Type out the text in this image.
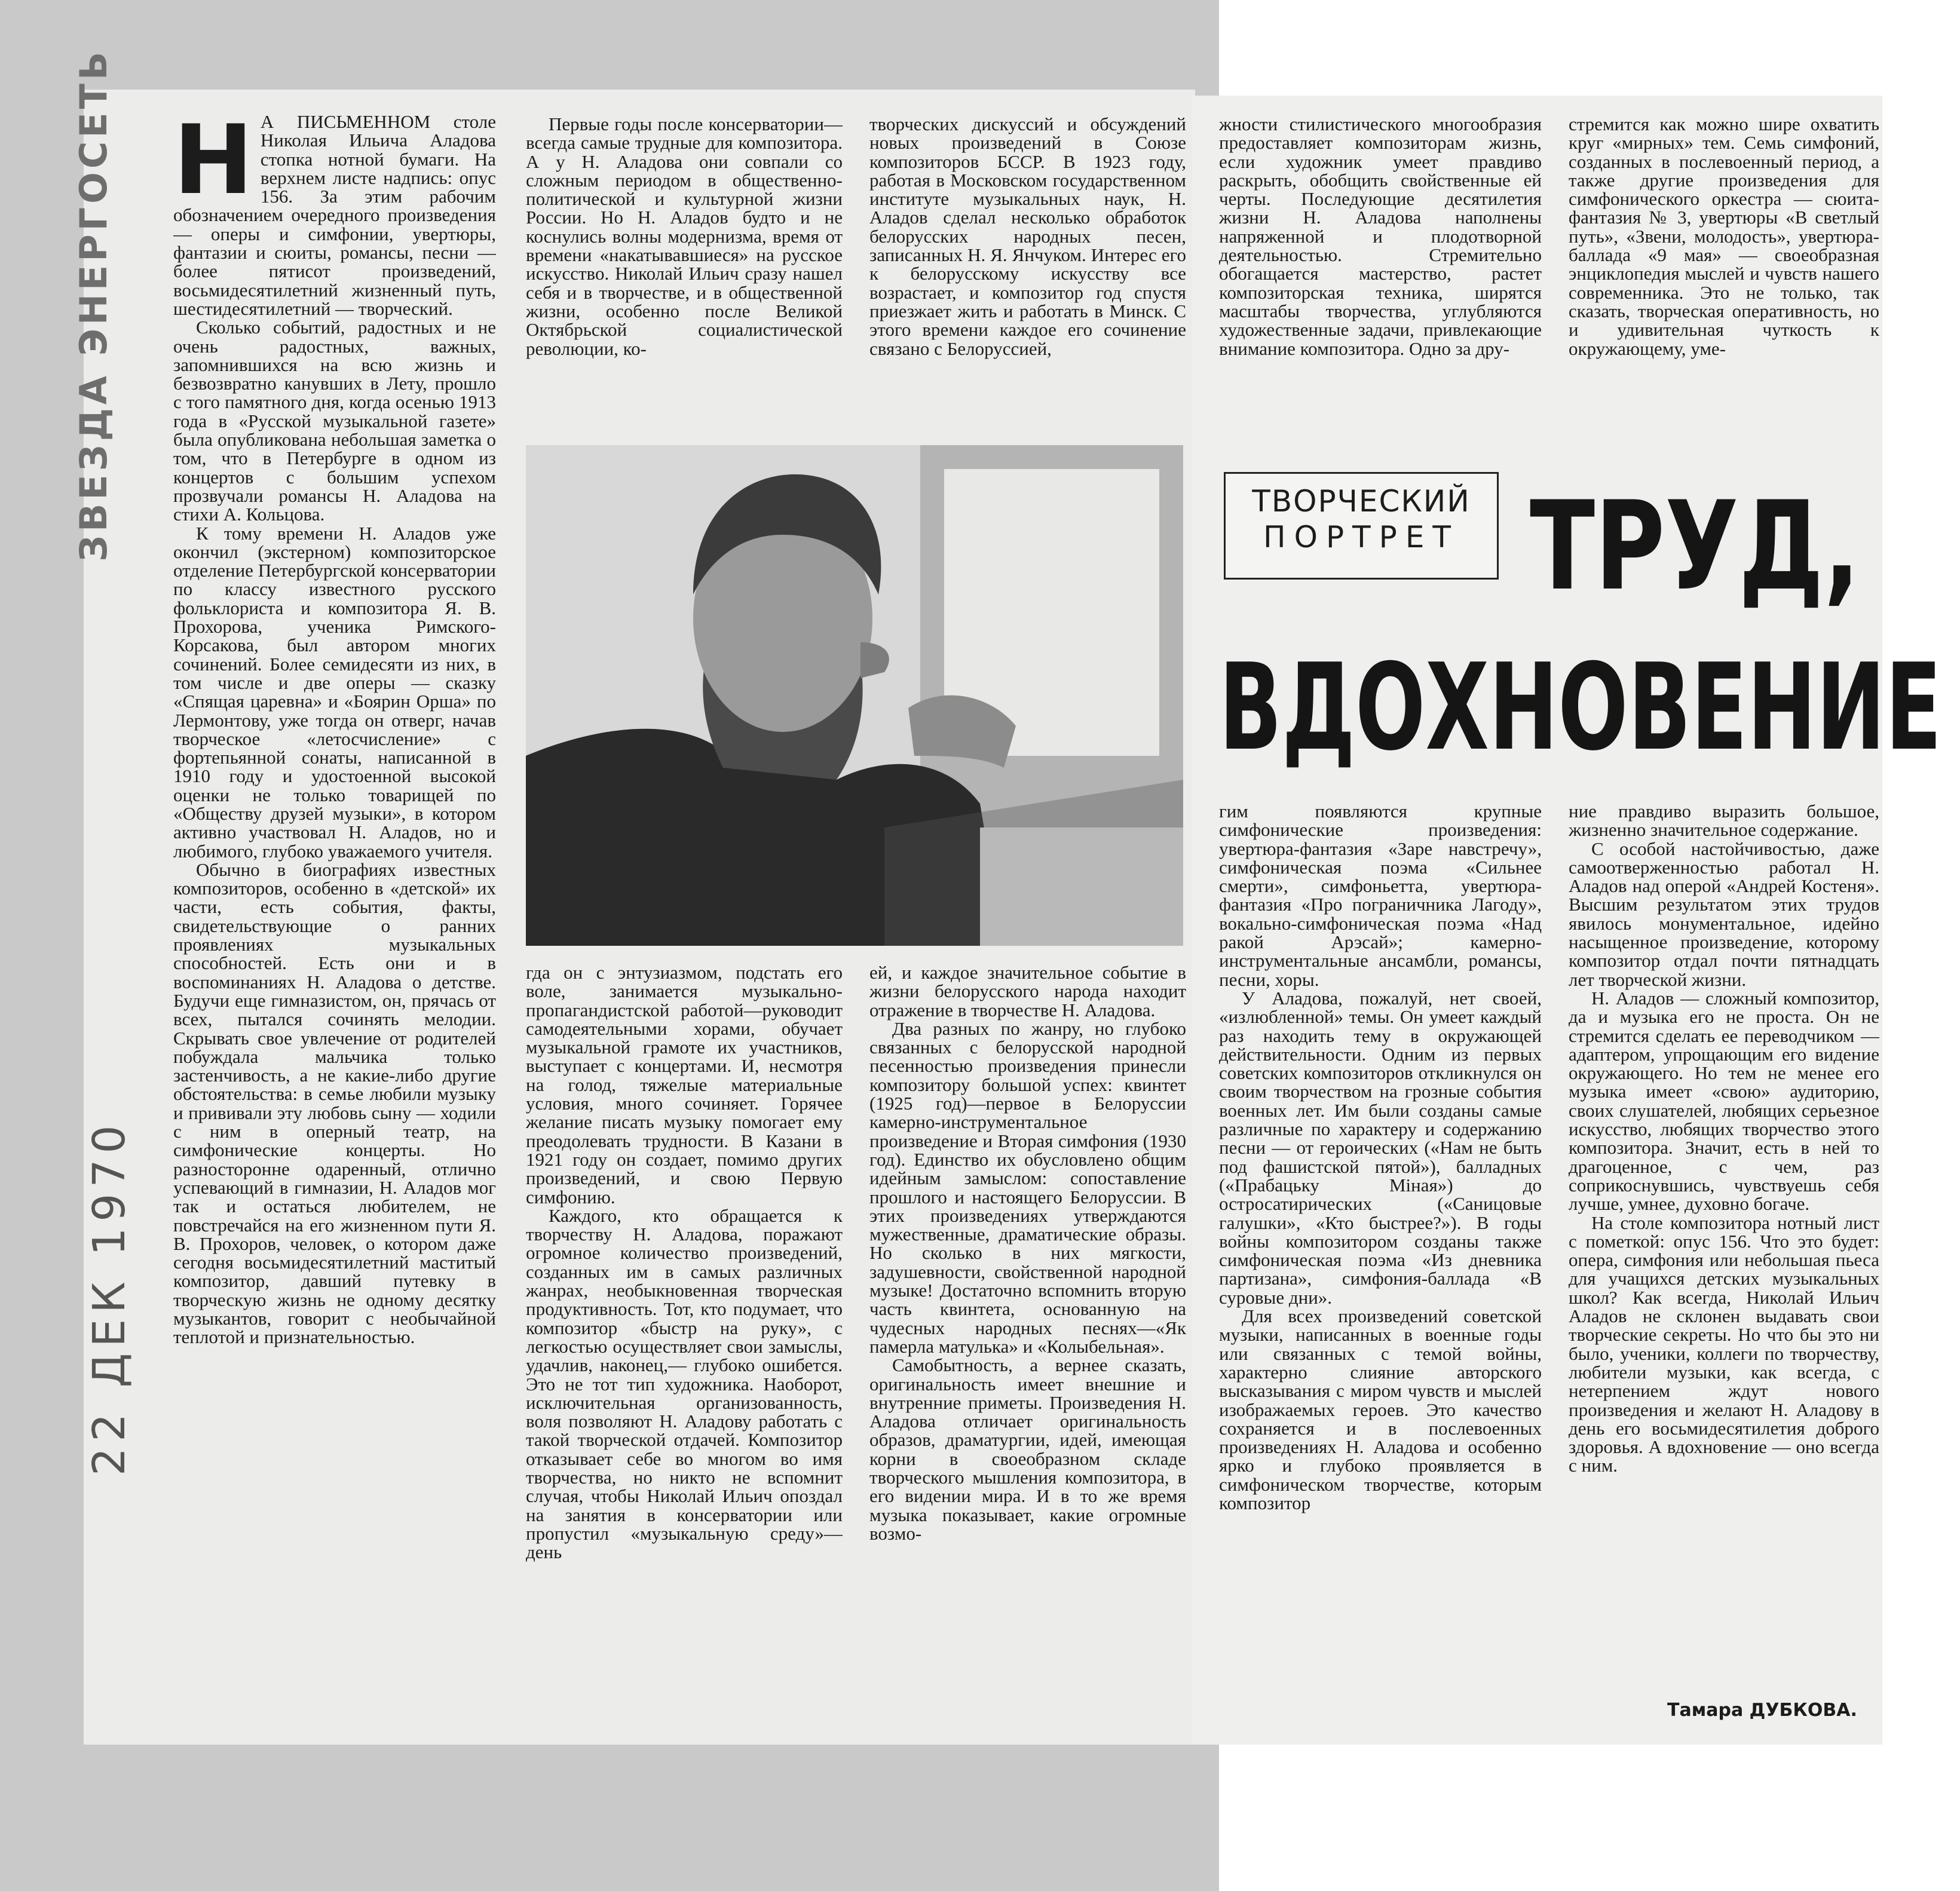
ЗВЕЗДА ЭНЕРГОСЕТЬ
22 ДЕК 1970
Н А ПИСЬМЕННОМ столе Николая Ильича Аладова стопка нотной бумаги. На верхнем листе надпись: опус 156. За этим рабочим обозначением очередного произведения — оперы и симфонии, увертюры, фантазии и сюиты, романсы, песни — более пятисот произведений, восьмидесятилетний жизненный путь, шестидесятилетний — творческий.

Сколько событий, радостных и не очень радостных, важных, запомнившихся на всю жизнь и безвозвратно канувших в Лету, прошло с того памятного дня, когда осенью 1913 года в «Русской музыкальной газете» была опубликована небольшая заметка о том, что в Петербурге в одном из концертов с большим успехом прозвучали романсы Н. Аладова на стихи А. Кольцова.

К тому времени Н. Аладов уже окончил (экстерном) композиторское отделение Петербургской консерватории по классу известного русского фольклориста и композитора Я. В. Прохорова, ученика Римского-Корсакова, был автором многих сочинений. Более семидесяти из них, в том числе и две оперы — сказку «Спящая царевна» и «Боярин Орша» по Лермонтову, уже тогда он отверг, начав творческое «летосчисление» с фортепьянной сонаты, написанной в 1910 году и удостоенной высокой оценки не только товарищей по «Обществу друзей музыки», в котором активно участвовал Н. Аладов, но и любимого, глубоко уважаемого учителя.

Обычно в биографиях известных композиторов, особенно в «детской» их части, есть события, факты, свидетельствующие о ранних проявлениях музыкальных способностей. Есть они и в воспоминаниях Н. Аладова о детстве. Будучи еще гимназистом, он, прячась от всех, пытался сочинять мелодии. Скрывать свое увлечение от родителей побуждала мальчика только застенчивость, а не какие-либо другие обстоятельства: в семье любили музыку и прививали эту любовь сыну — ходили с ним в оперный театр, на симфонические концерты. Но разносторонне одаренный, отлично успевающий в гимназии, Н. Аладов мог так и остаться любителем, не повстречайся на его жизненном пути Я. В. Прохоров, человек, о котором даже сегодня восьмидесятилетний маститый композитор, давший путевку в творческую жизнь не одному десятку музыкантов, говорит с необычайной теплотой и признательностью.

Первые годы после консерватории—всегда самые трудные для композитора. А у Н. Аладова они совпали со сложным периодом в общественно-политической и культурной жизни России. Но Н. Аладов будто и не коснулись волны модернизма, время от времени «накатывавшиеся» на русское искусство. Николай Ильич сразу нашел себя и в творчестве, и в общественной жизни, особенно после Великой Октябрьской социалистической революции, ко-

творческих дискуссий и обсуждений новых произведений в Союзе композиторов БССР. В 1923 году, работая в Московском государственном институте музыкальных наук, Н. Аладов сделал несколько обработок белорусских народных песен, записанных Н. Я. Янчуком. Интерес его к белорусскому искусству все возрастает, и композитор год спустя приезжает жить и работать в Минск. С этого времени каждое его сочинение связано с Белоруссией,

жности стилистического многообразия предоставляет композиторам жизнь, если художник умеет правдиво раскрыть, обобщить свойственные ей черты. Последующие десятилетия жизни Н. Аладова наполнены напряженной и плодотворной деятельностью. Стремительно обогащается мастерство, растет композиторская техника, ширятся масштабы творчества, углубляются художественные задачи, привлекающие внимание композитора. Одно за дру-

стремится как можно шире охватить круг «мирных» тем. Семь симфоний, созданных в послевоенный период, а также другие произведения для симфонического оркестра — сюита-фантазия № 3, увертюры «В светлый путь», «Звени, молодость», увертюра-баллада «9 мая» — своеобразная энциклопедия мыслей и чувств нашего современника. Это не только, так сказать, творческая оперативность, но и удивительная чуткость к окружающему, уме-

ТВОРЧЕСКИЙ
ПОРТРЕТ ТРУД,
ВДОХНОВЕНИЕ

гда он с энтузиазмом, подстать его воле, занимается музыкально-пропагандистской работой—руководит самодеятельными хорами, обучает музыкальной грамоте их участников, выступает с концертами. И, несмотря на голод, тяжелые материальные условия, много сочиняет. Горячее желание писать музыку помогает ему преодолевать трудности. В Казани в 1921 году он создает, помимо других произведений, и свою Первую симфонию.

Каждого, кто обращается к творчеству Н. Аладова, поражают огромное количество произведений, созданных им в самых различных жанрах, необыкновенная творческая продуктивность. Тот, кто подумает, что композитор «быстр на руку», с легкостью осуществляет свои замыслы, удачлив, наконец,— глубоко ошибется. Это не тот тип художника. Наоборот, исключительная организованность, воля позволяют Н. Аладову работать с такой творческой отдачей. Композитор отказывает себе во многом во имя творчества, но никто не вспомнит случая, чтобы Николай Ильич опоздал на занятия в консерватории или пропустил «музыкальную среду»— день

ей, и каждое значительное событие в жизни белорусского народа находит отражение в творчестве Н. Аладова.

Два разных по жанру, но глубоко связанных с белорусской народной песенностью произведения принесли композитору большой успех: квинтет (1925 год)—первое в Белоруссии камерно-инструментальное произведение и Вторая симфония (1930 год). Единство их обусловлено общим идейным замыслом: сопоставление прошлого и настоящего Белоруссии. В этих произведениях утверждаются мужественные, драматические образы. Но сколько в них мягкости, задушевности, свойственной народной музыке! Достаточно вспомнить вторую часть квинтета, основанную на чудесных народных песнях—«Як памерла матулька» и «Колыбельная».

Самобытность, а вернее сказать, оригинальность имеет внешние и внутренние приметы. Произведения Н. Аладова отличает оригинальность образов, драматургии, идей, имеющая корни в своеобразном складе творческого мышления композитора, в его видении мира. И в то же время музыка показывает, какие огромные возмо-

гим появляются крупные симфонические произведения: увертюра-фантазия «Заре навстречу», симфоническая поэма «Сильнее смерти», симфоньетта, увертюра-фантазия «Про пограничника Лагоду», вокально-симфоническая поэма «Над ракой Арэсай»; камерно-инструментальные ансамбли, романсы, песни, хоры.

У Аладова, пожалуй, нет своей, «излюбленной» темы. Он умеет каждый раз находить тему в окружающей действительности. Одним из первых советских композиторов откликнулся он своим творчеством на грозные события военных лет. Им были созданы самые различные по характеру и содержанию песни — от героических («Нам не быть под фашистской пятой»), балладных («Прабацьку Мiная») до остросатирических («Саницовые галушки», «Кто быстрее?»). В годы войны композитором созданы также симфоническая поэма «Из дневника партизана», симфония-баллада «В суровые дни».

Для всех произведений советской музыки, написанных в военные годы или связанных с темой войны, характерно слияние авторского высказывания с миром чувств и мыслей изображаемых героев. Это качество сохраняется и в послевоенных произведениях Н. Аладова и особенно ярко и глубоко проявляется в симфоническом творчестве, которым композитор

ние правдиво выразить большое, жизненно значительное содержание.

С особой настойчивостью, даже самоотверженностью работал Н. Аладов над оперой «Андрей Костеня». Высшим результатом этих трудов явилось монументальное, идейно насыщенное произведение, которому композитор отдал почти пятнадцать лет творческой жизни.

Н. Аладов — сложный композитор, да и музыка его не проста. Он не стремится сделать ее переводчиком — адаптером, упрощающим его видение окружающего. Но тем не менее его музыка имеет «свою» аудиторию, своих слушателей, любящих серьезное искусство, любящих творчество этого композитора. Значит, есть в ней то драгоценное, с чем, раз соприкоснувшись, чувствуешь себя лучше, умнее, духовно богаче.

На столе композитора нотный лист с пометкой: опус 156. Что это будет: опера, симфония или небольшая пьеса для учащихся детских музыкальных школ? Как всегда, Николай Ильич Аладов не склонен выдавать свои творческие секреты. Но что бы это ни было, ученики, коллеги по творчеству, любители музыки, как всегда, с нетерпением ждут нового произведения и желают Н. Аладову в день его восьмидесятилетия доброго здоровья. А вдохновение — оно всегда с ним.

Тамара ДУБКОВА.
